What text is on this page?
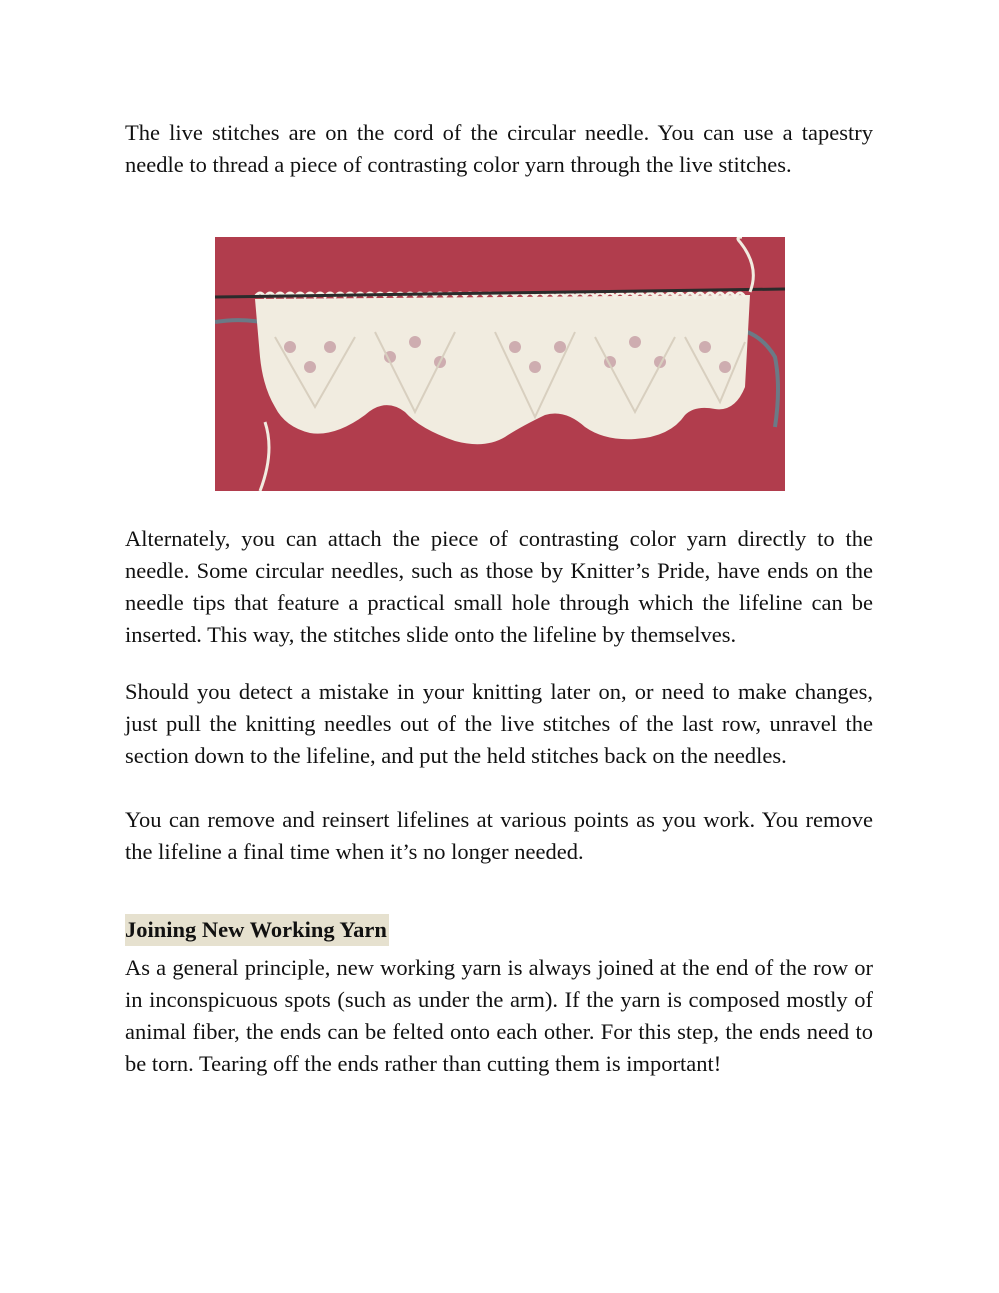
The live stitches are on the cord of the circular needle. You can use a tapestry needle to thread a piece of contrasting color yarn through the live stitches.

Alternately, you can attach the piece of contrasting color yarn directly to the needle. Some circular needles, such as those by Knitter’s Pride, have ends on the needle tips that feature a practical small hole through which the lifeline can be inserted. This way, the stitches slide onto the lifeline by themselves.

Should you detect a mistake in your knitting later on, or need to make changes, just pull the knitting needles out of the live stitches of the last row, unravel the section down to the lifeline, and put the held stitches back on the needles.

You can remove and reinsert lifelines at various points as you work. You remove the lifeline a final time when it’s no longer needed.

Joining New Working Yarn

As a general principle, new working yarn is always joined at the end of the row or in inconspicuous spots (such as under the arm). If the yarn is composed mostly of animal fiber, the ends can be felted onto each other. For this step, the ends need to be torn. Tearing off the ends rather than cutting them is important!
